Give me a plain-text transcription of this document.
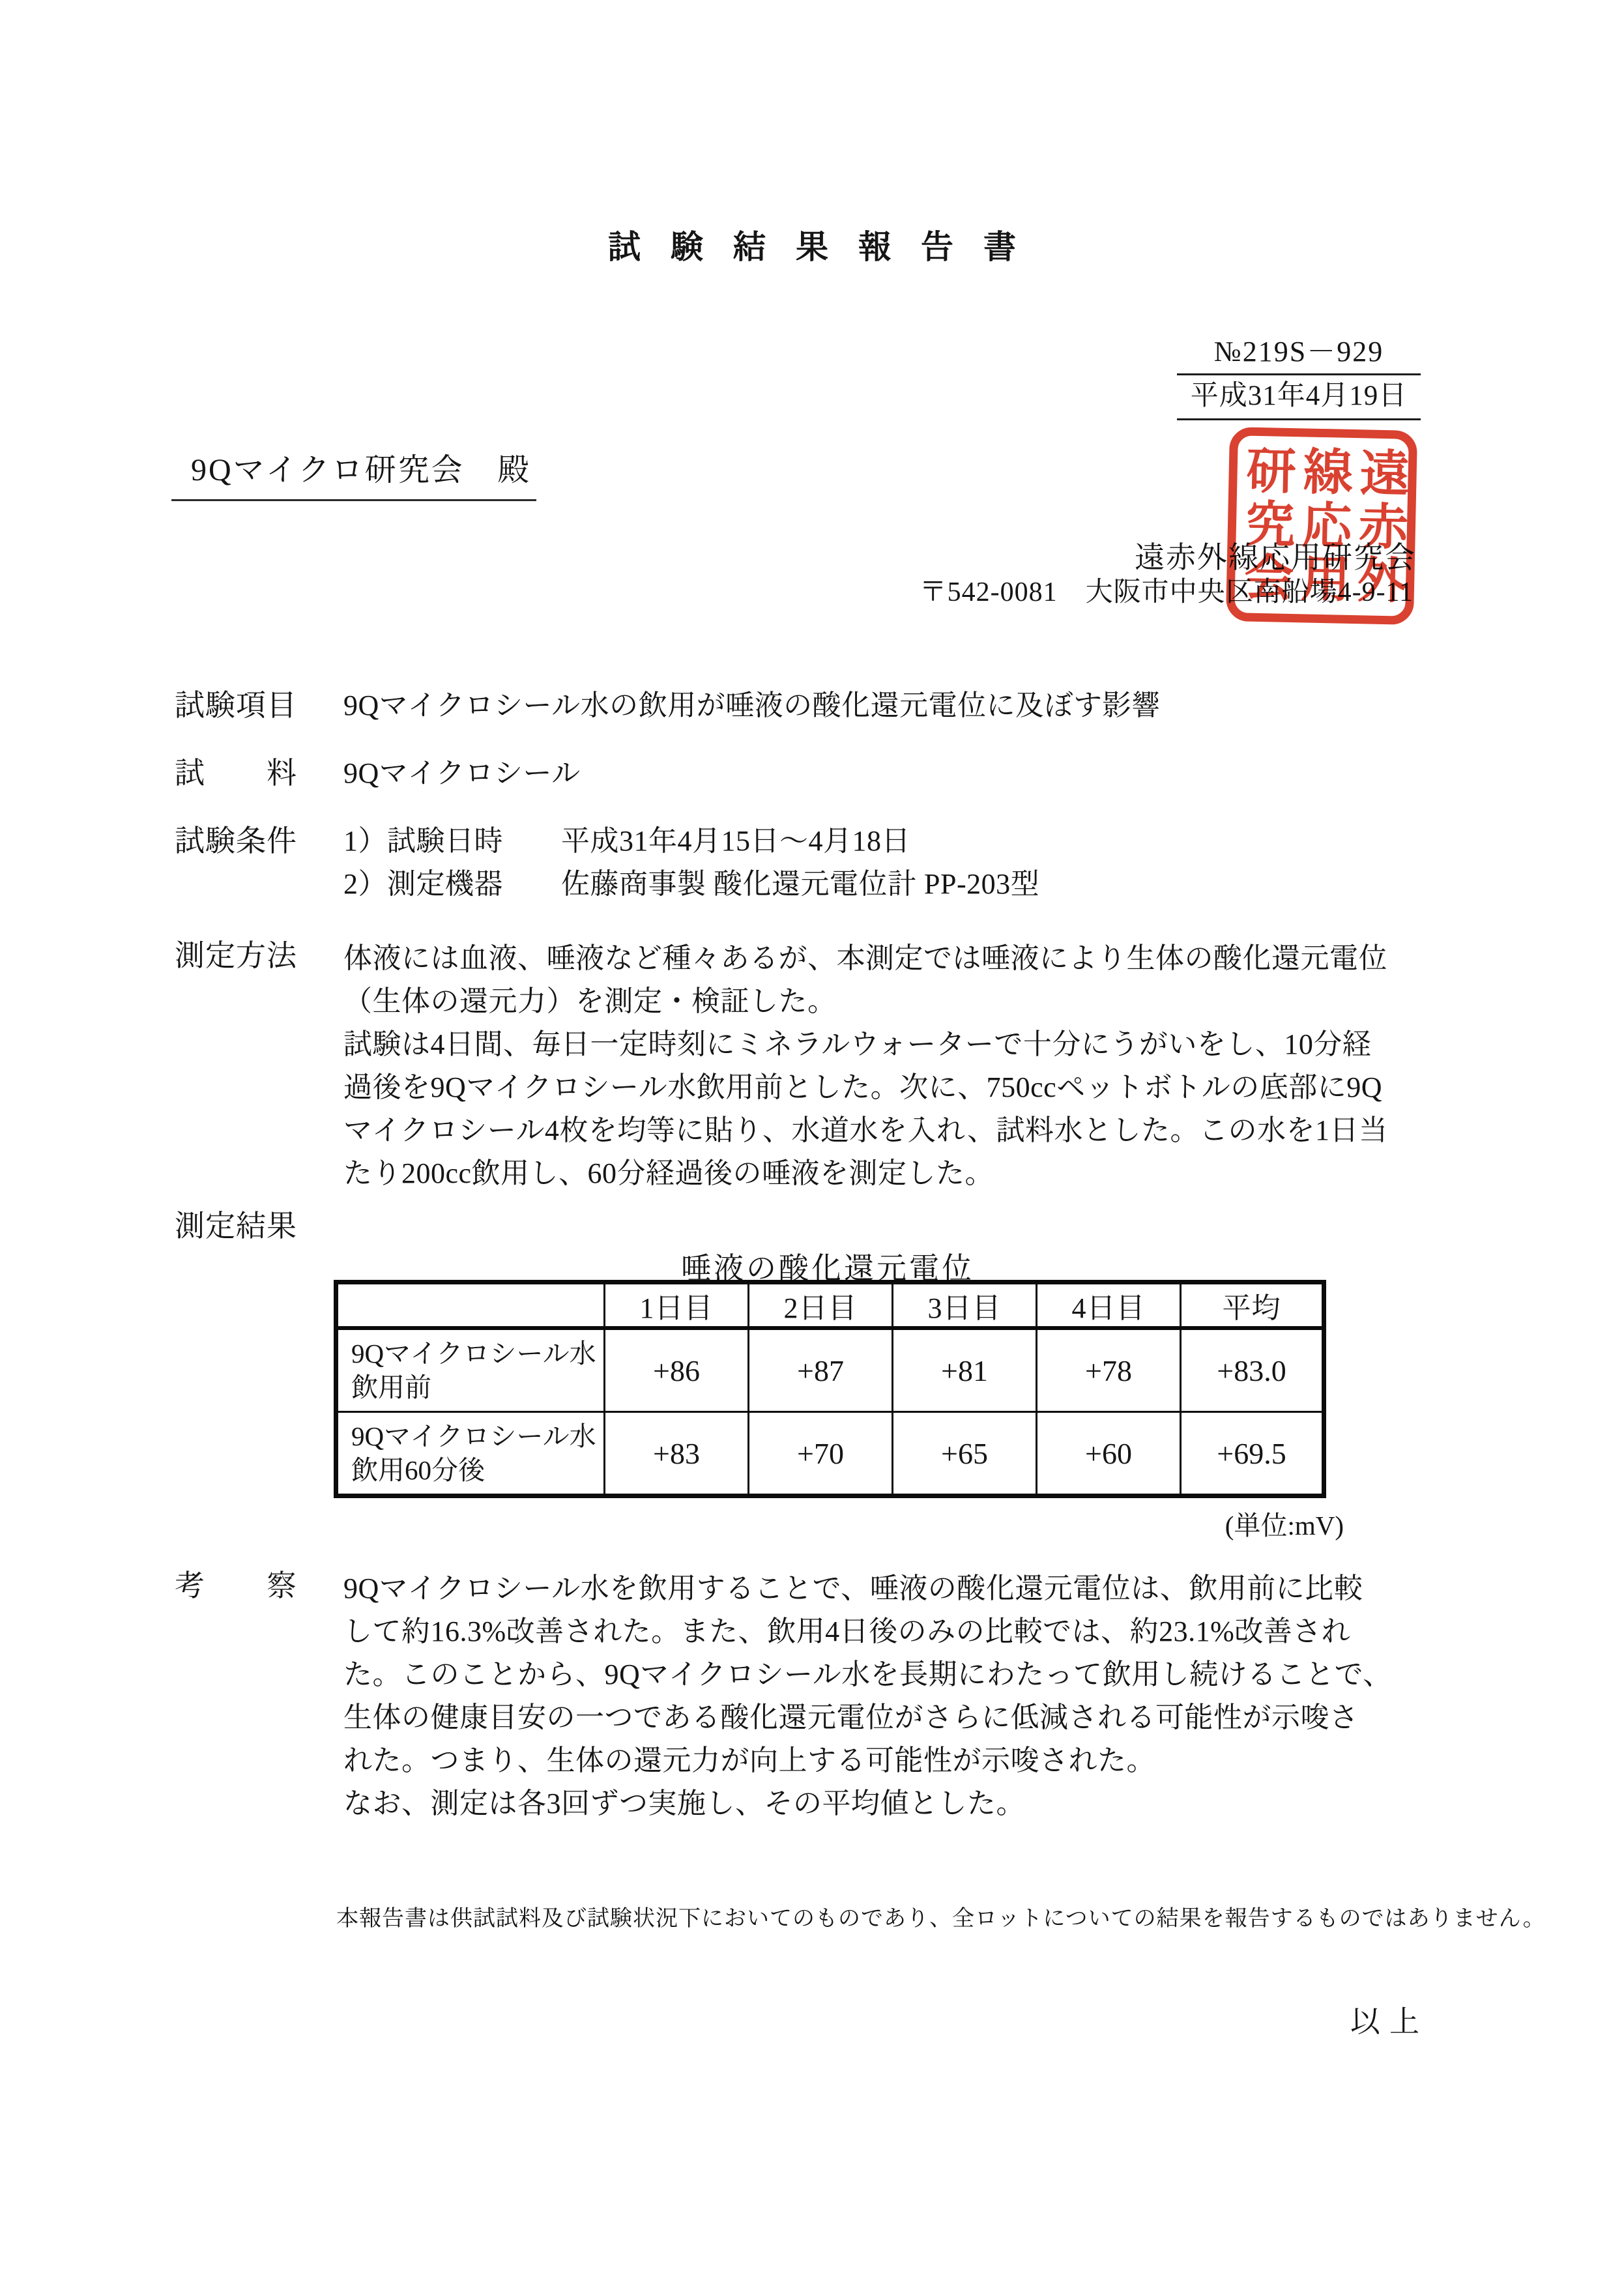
試験結果報告書
№219S－929
平成31年4月19日
9Qマイクロ研究会　殿
遠赤外線応用研究会
〒542-0081　大阪市中央区南船場4-9-11
遠赤外
線応用
研究会
試験項目 9Qマイクロシール水の飲用が唾液の酸化還元電位に及ぼす影響
試　　料 9Qマイクロシール
試験条件 1）試験日時　　平成31年4月15日～4月18日
2）測定機器　　佐藤商事製 酸化還元電位計 PP-203型
測定方法 体液には血液、唾液など種々あるが、本測定では唾液により生体の酸化還元電位
（生体の還元力）を測定・検証した。
試験は4日間、毎日一定時刻にミネラルウォーターで十分にうがいをし、10分経
過後を9Qマイクロシール水飲用前とした。次に、750ccペットボトルの底部に9Q
マイクロシール4枚を均等に貼り、水道水を入れ、試料水とした。この水を1日当
たり200cc飲用し、60分経過後の唾液を測定した。
測定結果
唾液の酸化還元電位
	1日目	2日目	3日目	4日目	平均

9Qマイクロシール水
飲用前	+86	+87	+81	+78	+83.0

9Qマイクロシール水
飲用60分後	+83	+70	+65	+60	+69.5
(単位:mV)
考　　察 9Qマイクロシール水を飲用することで、唾液の酸化還元電位は、飲用前に比較
して約16.3%改善された。また、飲用4日後のみの比較では、約23.1%改善され
た。このことから、9Qマイクロシール水を長期にわたって飲用し続けることで、
生体の健康目安の一つである酸化還元電位がさらに低減される可能性が示唆さ
れた。つまり、生体の還元力が向上する可能性が示唆された。
なお、測定は各3回ずつ実施し、その平均値とした。
本報告書は供試試料及び試験状況下においてのものであり、全ロットについての結果を報告するものではありません。
以上
